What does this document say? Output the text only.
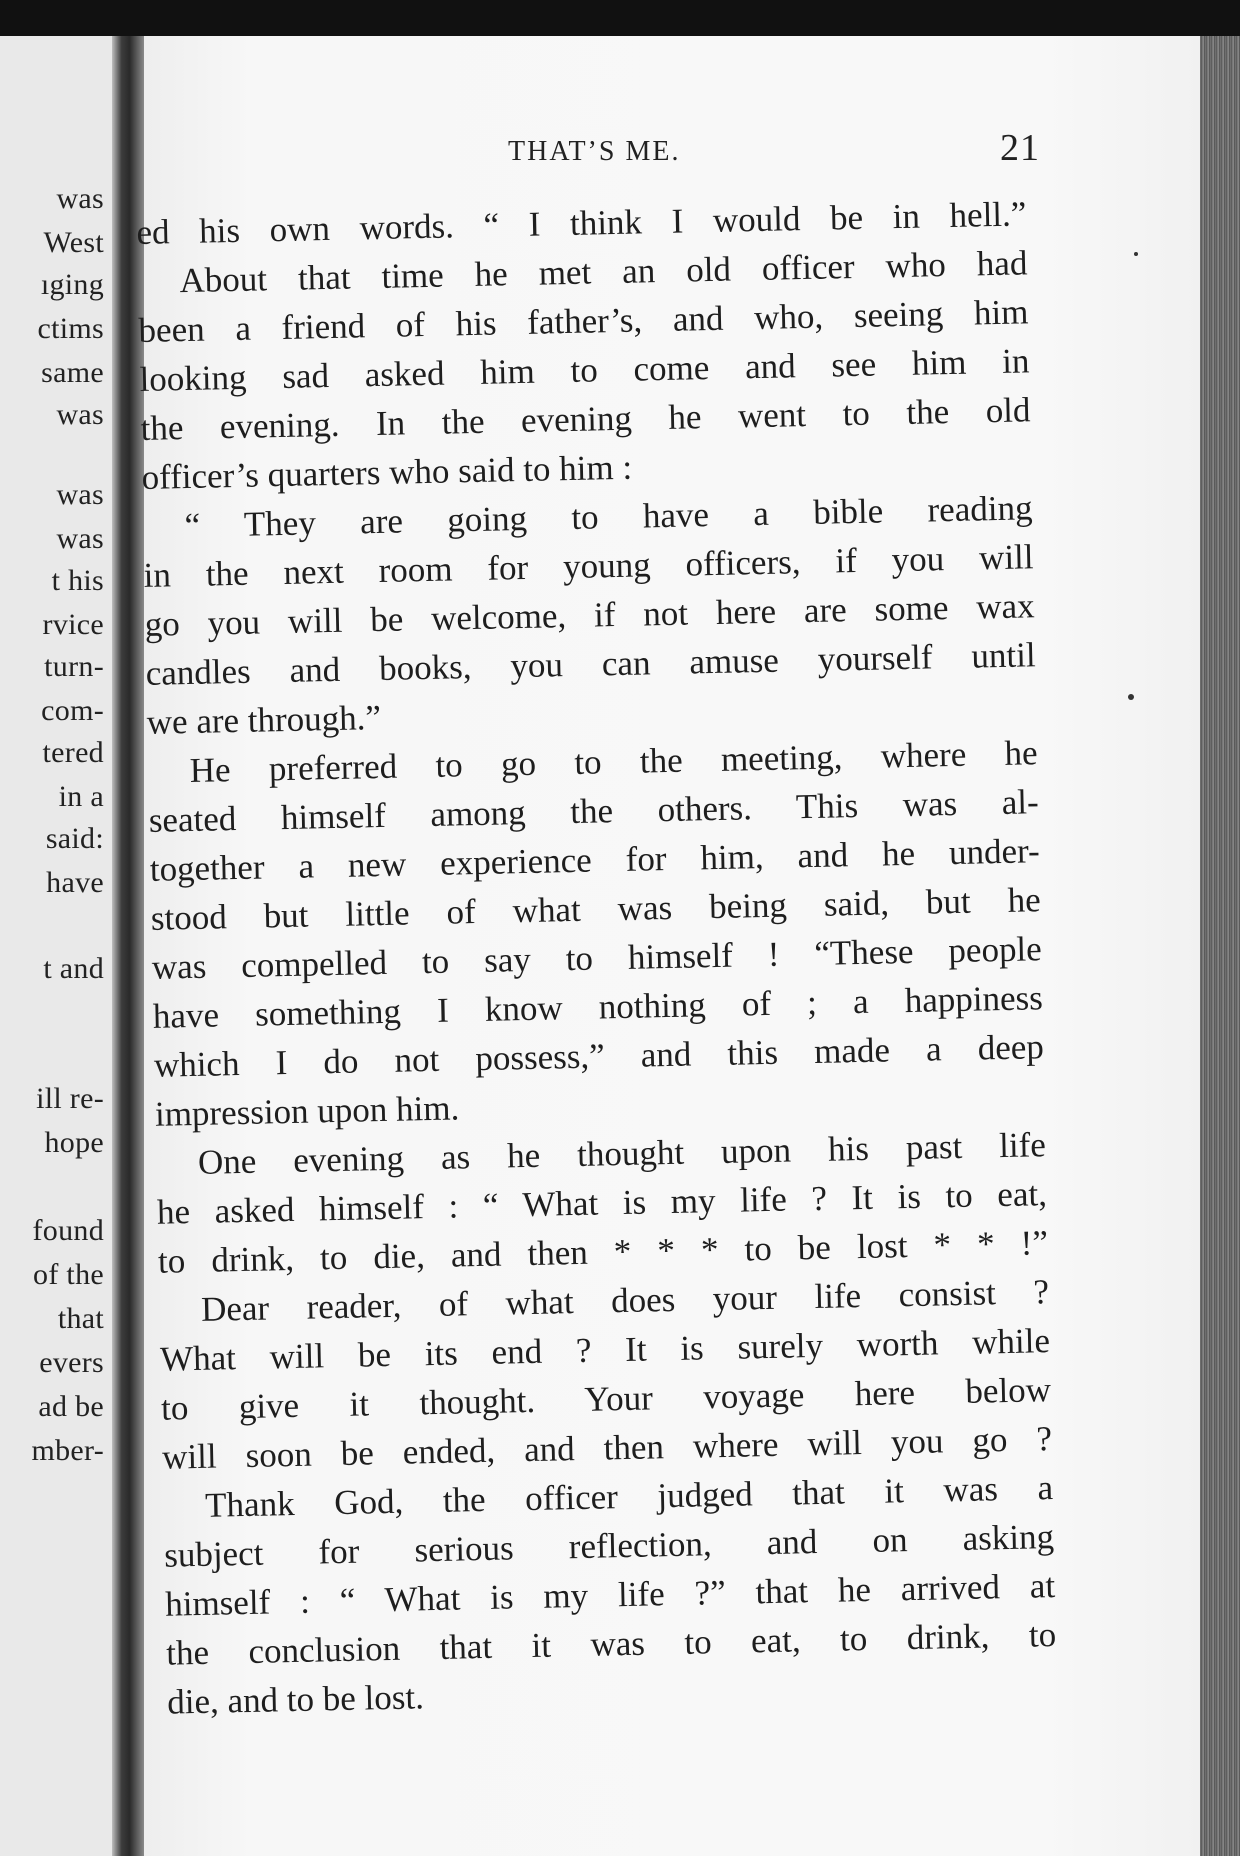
was
West
ıging
ctims
same
was
was
was
t his
rvice
turn-
com-
tered
in a
said:
have
t and
ill re-
hope
found
of the
that
evers
ad be
mber-
THAT’S ME.	21
ed his own words. “ I think I would be in hell.”
About that time he met an old officer who had
been a friend of his father’s, and who, seeing him
looking sad asked him to come and see him in
the evening. In the evening he went to the old
officer’s quarters who said to him :
“ They are going to have a bible reading
in the next room for young officers, if you will
go you will be welcome, if not here are some wax
candles and books, you can amuse yourself until
we are through.”
He preferred to go to the meeting, where he
seated himself among the others. This was al-
together a new experience for him, and he under-
stood but little of what was being said, but he
was compelled to say to himself ! “These people
have something I know nothing of ; a happiness
which I do not possess,” and this made a deep
impression upon him.
One evening as he thought upon his past life
he asked himself : “ What is my life ? It is to eat,
to drink, to die, and then * * * to be lost * * !”
Dear reader, of what does your life consist ?
What will be its end ? It is surely worth while
to give it thought. Your voyage here below
will soon be ended, and then where will you go ?
Thank God, the officer judged that it was a
subject for serious reflection, and on asking
himself : “ What is my life ?” that he arrived at
the conclusion that it was to eat, to drink, to
die, and to be lost.
